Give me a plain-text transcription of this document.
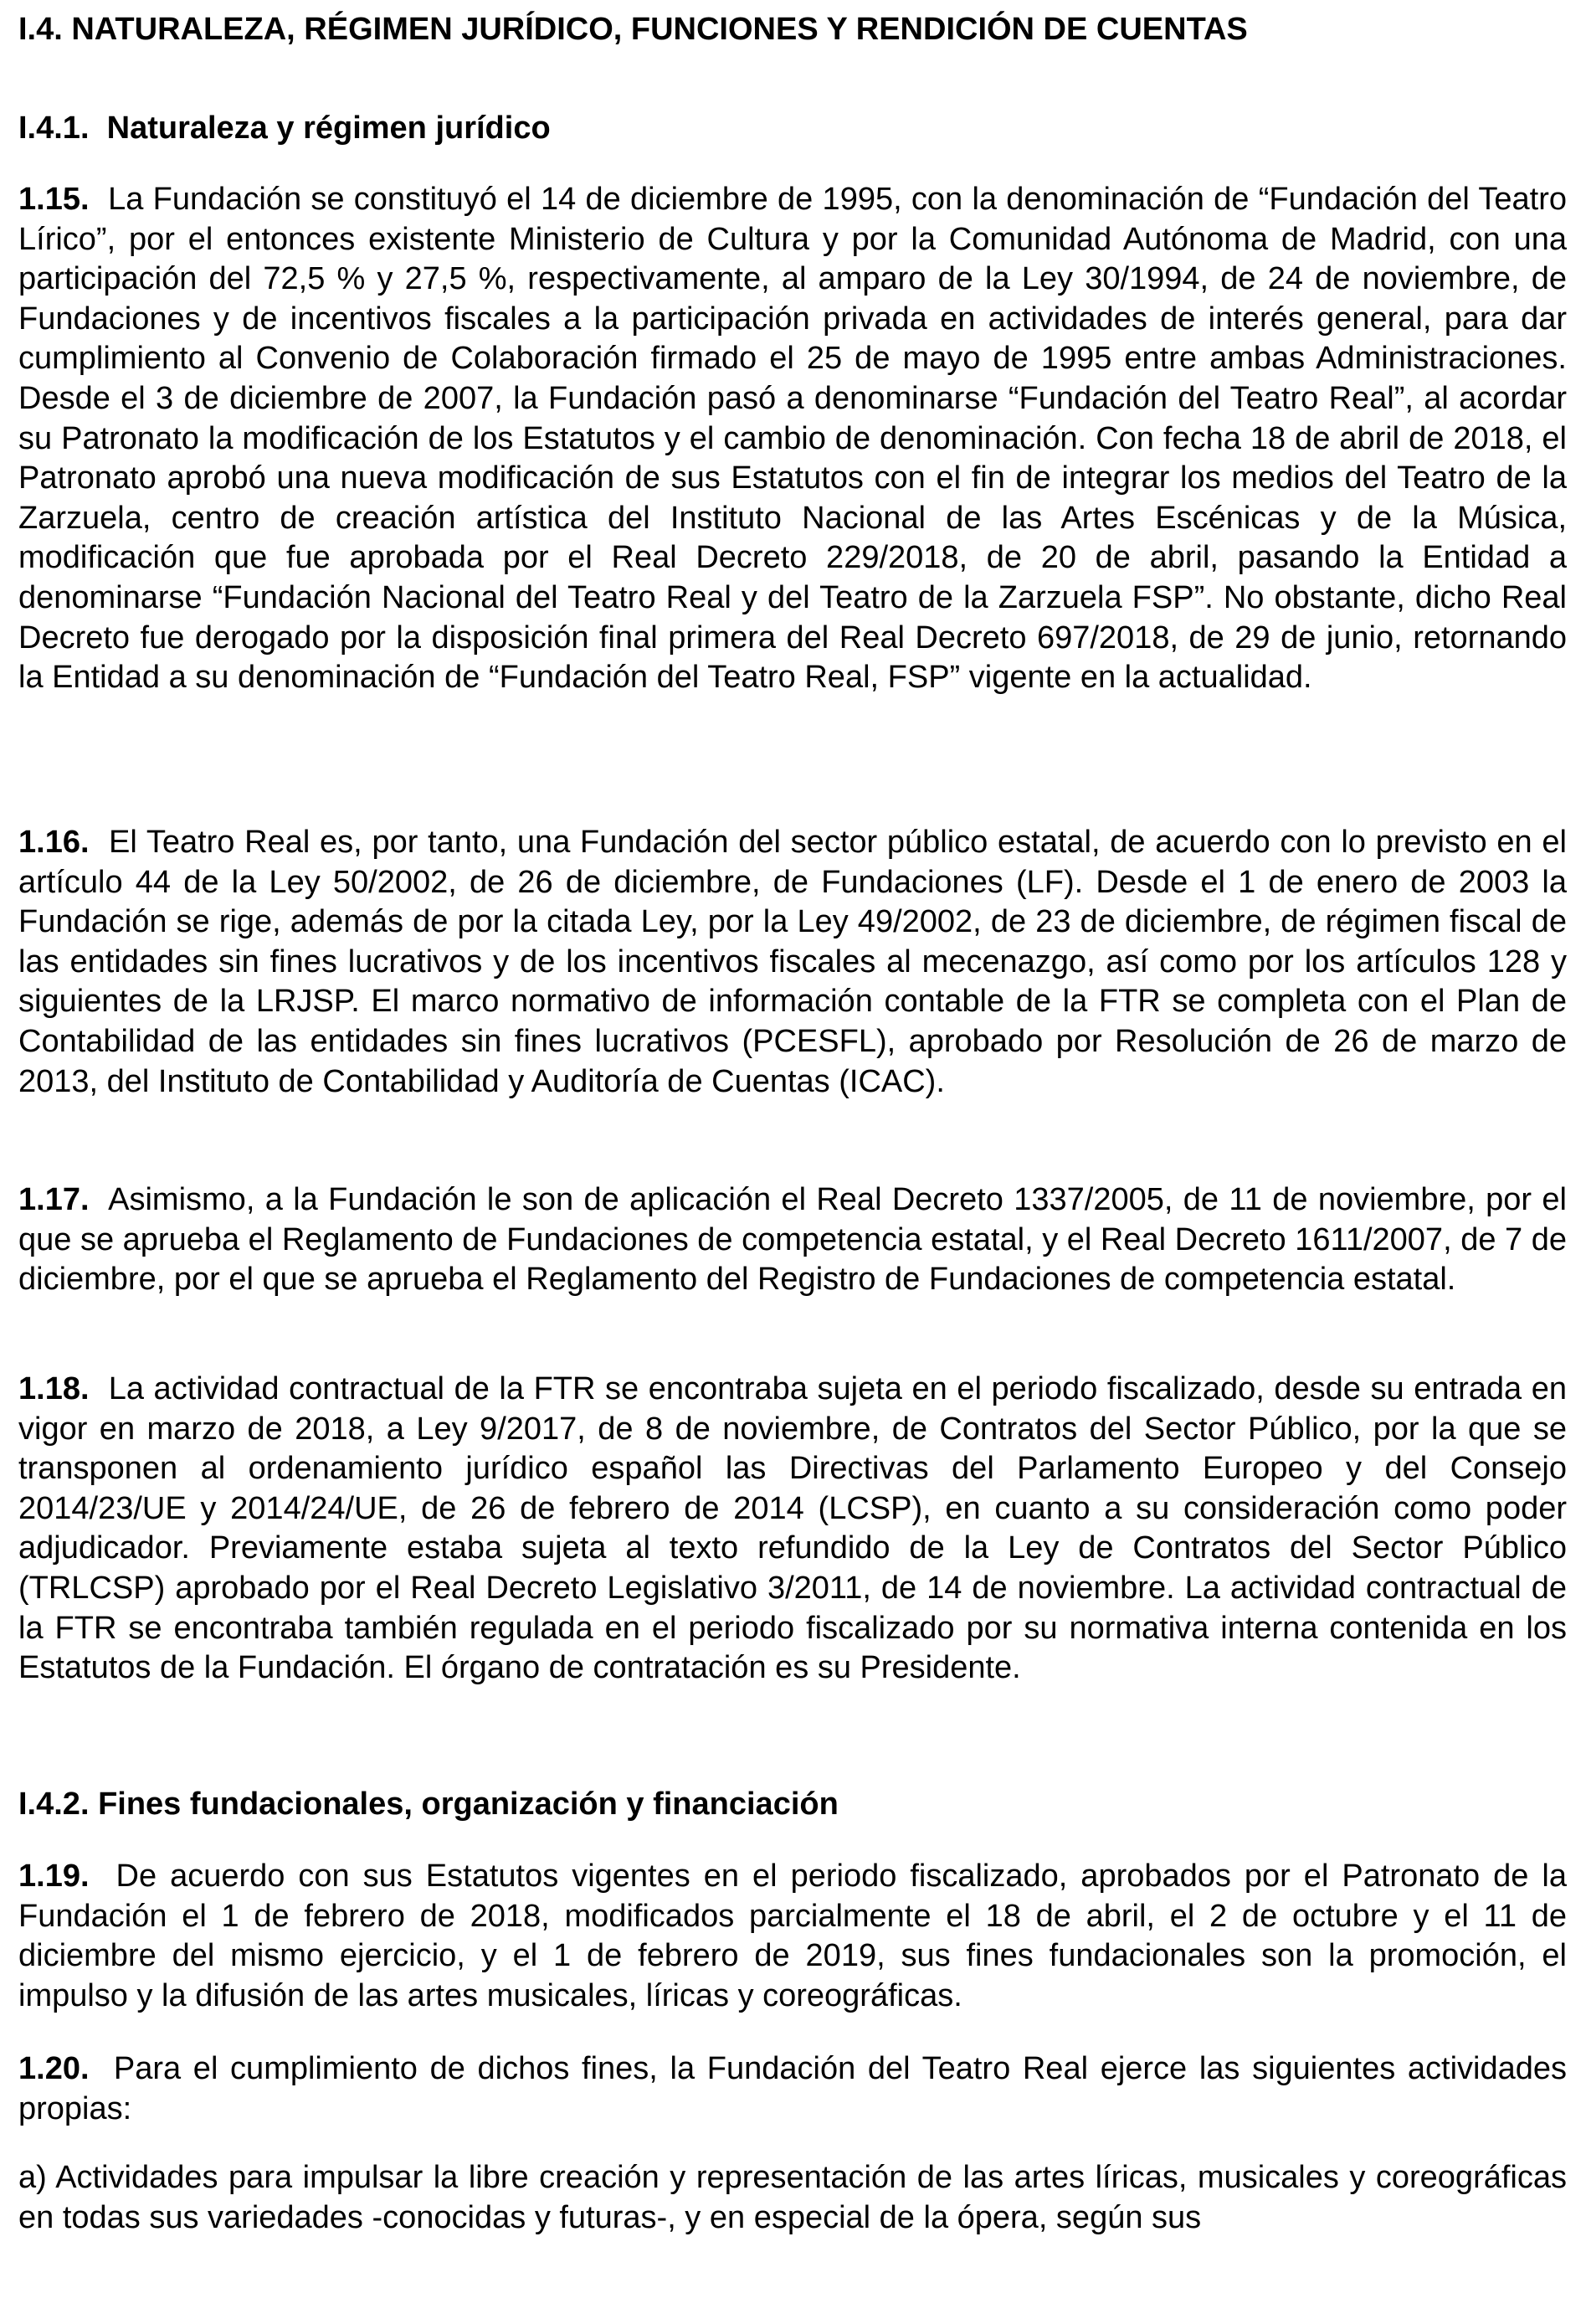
I.4. NATURALEZA, RÉGIMEN JURÍDICO, FUNCIONES Y RENDICIÓN DE CUENTAS
I.4.1. Naturaleza y régimen jurídico

1.15. La Fundación se constituyó el 14 de diciembre de 1995, con la denominación de “Fundación del Teatro Lírico”, por el entonces existente Ministerio de Cultura y por la Comunidad Autónoma de Madrid, con una participación del 72,5 % y 27,5 %, respectivamente, al amparo de la Ley 30/1994, de 24 de noviembre, de Fundaciones y de incentivos fiscales a la participación privada en actividades de interés general, para dar cumplimiento al Convenio de Colaboración firmado el 25 de mayo de 1995 entre ambas Administraciones. Desde el 3 de diciembre de 2007, la Fundación pasó a denominarse “Fundación del Teatro Real”, al acordar su Patronato la modificación de los Estatutos y el cambio de denominación. Con fecha 18 de abril de 2018, el Patronato aprobó una nueva modificación de sus Estatutos con el fin de integrar los medios del Teatro de la Zarzuela, centro de creación artística del Instituto Nacional de las Artes Escénicas y de la Música, modificación que fue aprobada por el Real Decreto 229/2018, de 20 de abril, pasando la Entidad a denominarse “Fundación Nacional del Teatro Real y del Teatro de la Zarzuela FSP”. No obstante, dicho Real Decreto fue derogado por la disposición final primera del Real Decreto 697/2018, de 29 de junio, retornando la Entidad a su denominación de “Fundación del Teatro Real, FSP” vigente en la actualidad.

1.16. El Teatro Real es, por tanto, una Fundación del sector público estatal, de acuerdo con lo previsto en el artículo 44 de la Ley 50/2002, de 26 de diciembre, de Fundaciones (LF). Desde el 1 de enero de 2003 la Fundación se rige, además de por la citada Ley, por la Ley 49/2002, de 23 de diciembre, de régimen fiscal de las entidades sin fines lucrativos y de los incentivos fiscales al mecenazgo, así como por los artículos 128 y siguientes de la LRJSP. El marco normativo de información contable de la FTR se completa con el Plan de Contabilidad de las entidades sin fines lucrativos (PCESFL), aprobado por Resolución de 26 de marzo de 2013, del Instituto de Contabilidad y Auditoría de Cuentas (ICAC).

1.17. Asimismo, a la Fundación le son de aplicación el Real Decreto 1337/2005, de 11 de noviembre, por el que se aprueba el Reglamento de Fundaciones de competencia estatal, y el Real Decreto 1611/2007, de 7 de diciembre, por el que se aprueba el Reglamento del Registro de Fundaciones de competencia estatal.

1.18. La actividad contractual de la FTR se encontraba sujeta en el periodo fiscalizado, desde su entrada en vigor en marzo de 2018, a Ley 9/2017, de 8 de noviembre, de Contratos del Sector Público, por la que se transponen al ordenamiento jurídico español las Directivas del Parlamento Europeo y del Consejo 2014/23/UE y 2014/24/UE, de 26 de febrero de 2014 (LCSP), en cuanto a su consideración como poder adjudicador. Previamente estaba sujeta al texto refundido de la Ley de Contratos del Sector Público (TRLCSP) aprobado por el Real Decreto Legislativo 3/2011, de 14 de noviembre. La actividad contractual de la FTR se encontraba también regulada en el periodo fiscalizado por su normativa interna contenida en los Estatutos de la Fundación. El órgano de contratación es su Presidente.

I.4.2. Fines fundacionales, organización y financiación

1.19. De acuerdo con sus Estatutos vigentes en el periodo fiscalizado, aprobados por el Patronato de la Fundación el 1 de febrero de 2018, modificados parcialmente el 18 de abril, el 2 de octubre y el 11 de diciembre del mismo ejercicio, y el 1 de febrero de 2019, sus fines fundacionales son la promoción, el impulso y la difusión de las artes musicales, líricas y coreográficas.

1.20. Para el cumplimiento de dichos fines, la Fundación del Teatro Real ejerce las siguientes actividades propias:

a) Actividades para impulsar la libre creación y representación de las artes líricas, musicales y coreográficas en todas sus variedades -conocidas y futuras-, y en especial de la ópera, según sus
